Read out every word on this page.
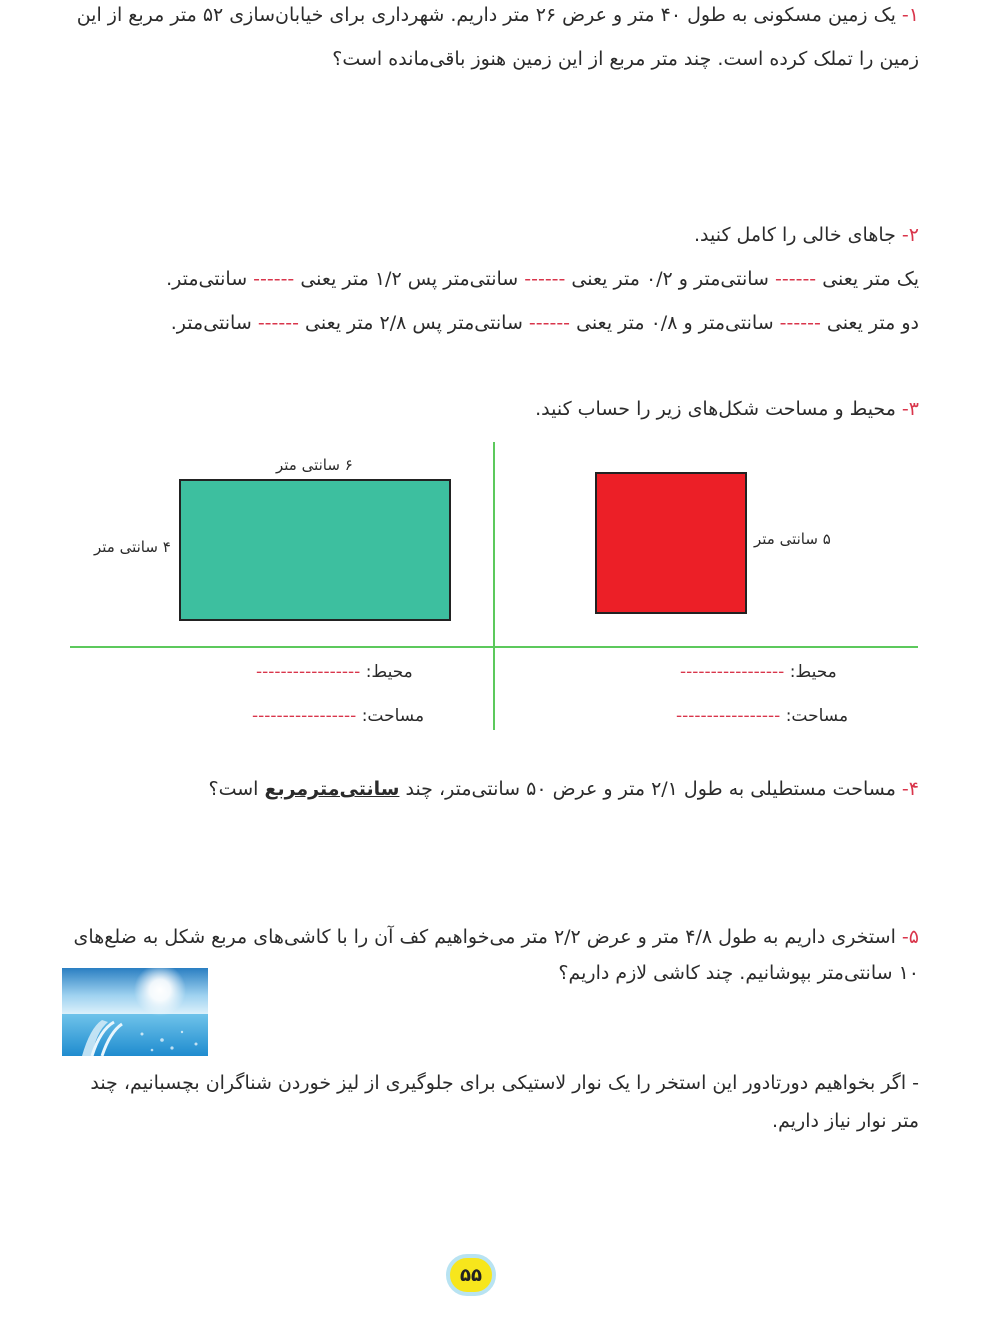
۱- یک زمین مسکونی به طول ۴۰ متر و عرض ۲۶ متر داریم. شهرداری برای خیابان‌سازی ۵۲ متر مربع از این
زمین را تملک کرده است. چند متر مربع از این زمین هنوز باقی‌مانده است؟
۲- جاهای خالی را کامل کنید.
یک متر یعنی ------ سانتی‌متر و ۰/۲ متر یعنی ------ سانتی‌متر پس ۱/۲ متر یعنی ------ سانتی‌متر.
دو متر یعنی ------ سانتی‌متر و ۰/۸ متر یعنی ------ سانتی‌متر پس ۲/۸ متر یعنی ------ سانتی‌متر.
۳- محیط و مساحت شکل‌های زیر را حساب کنید.
۶ سانتی متر
۴ سانتی متر	۵ سانتی متر
محیط: -----------------
مساحت: -----------------
محیط: -----------------
مساحت: -----------------
۴- مساحت مستطیلی به طول ۲/۱ متر و عرض ۵۰ سانتی‌متر، چند سانتی‌مترمربع است؟
۵- استخری داریم به طول ۴/۸ متر و عرض ۲/۲ متر می‌خواهیم کف آن را با کاشی‌های مربع شکل به ضلع‌های
۱۰ سانتی‌متر بپوشانیم. چند کاشی لازم داریم؟
- اگر بخواهیم دورتادور این استخر را یک نوار لاستیکی برای جلوگیری از لیز خوردن شناگران بچسبانیم، چند
متر نوار نیاز داریم.
۵۵
